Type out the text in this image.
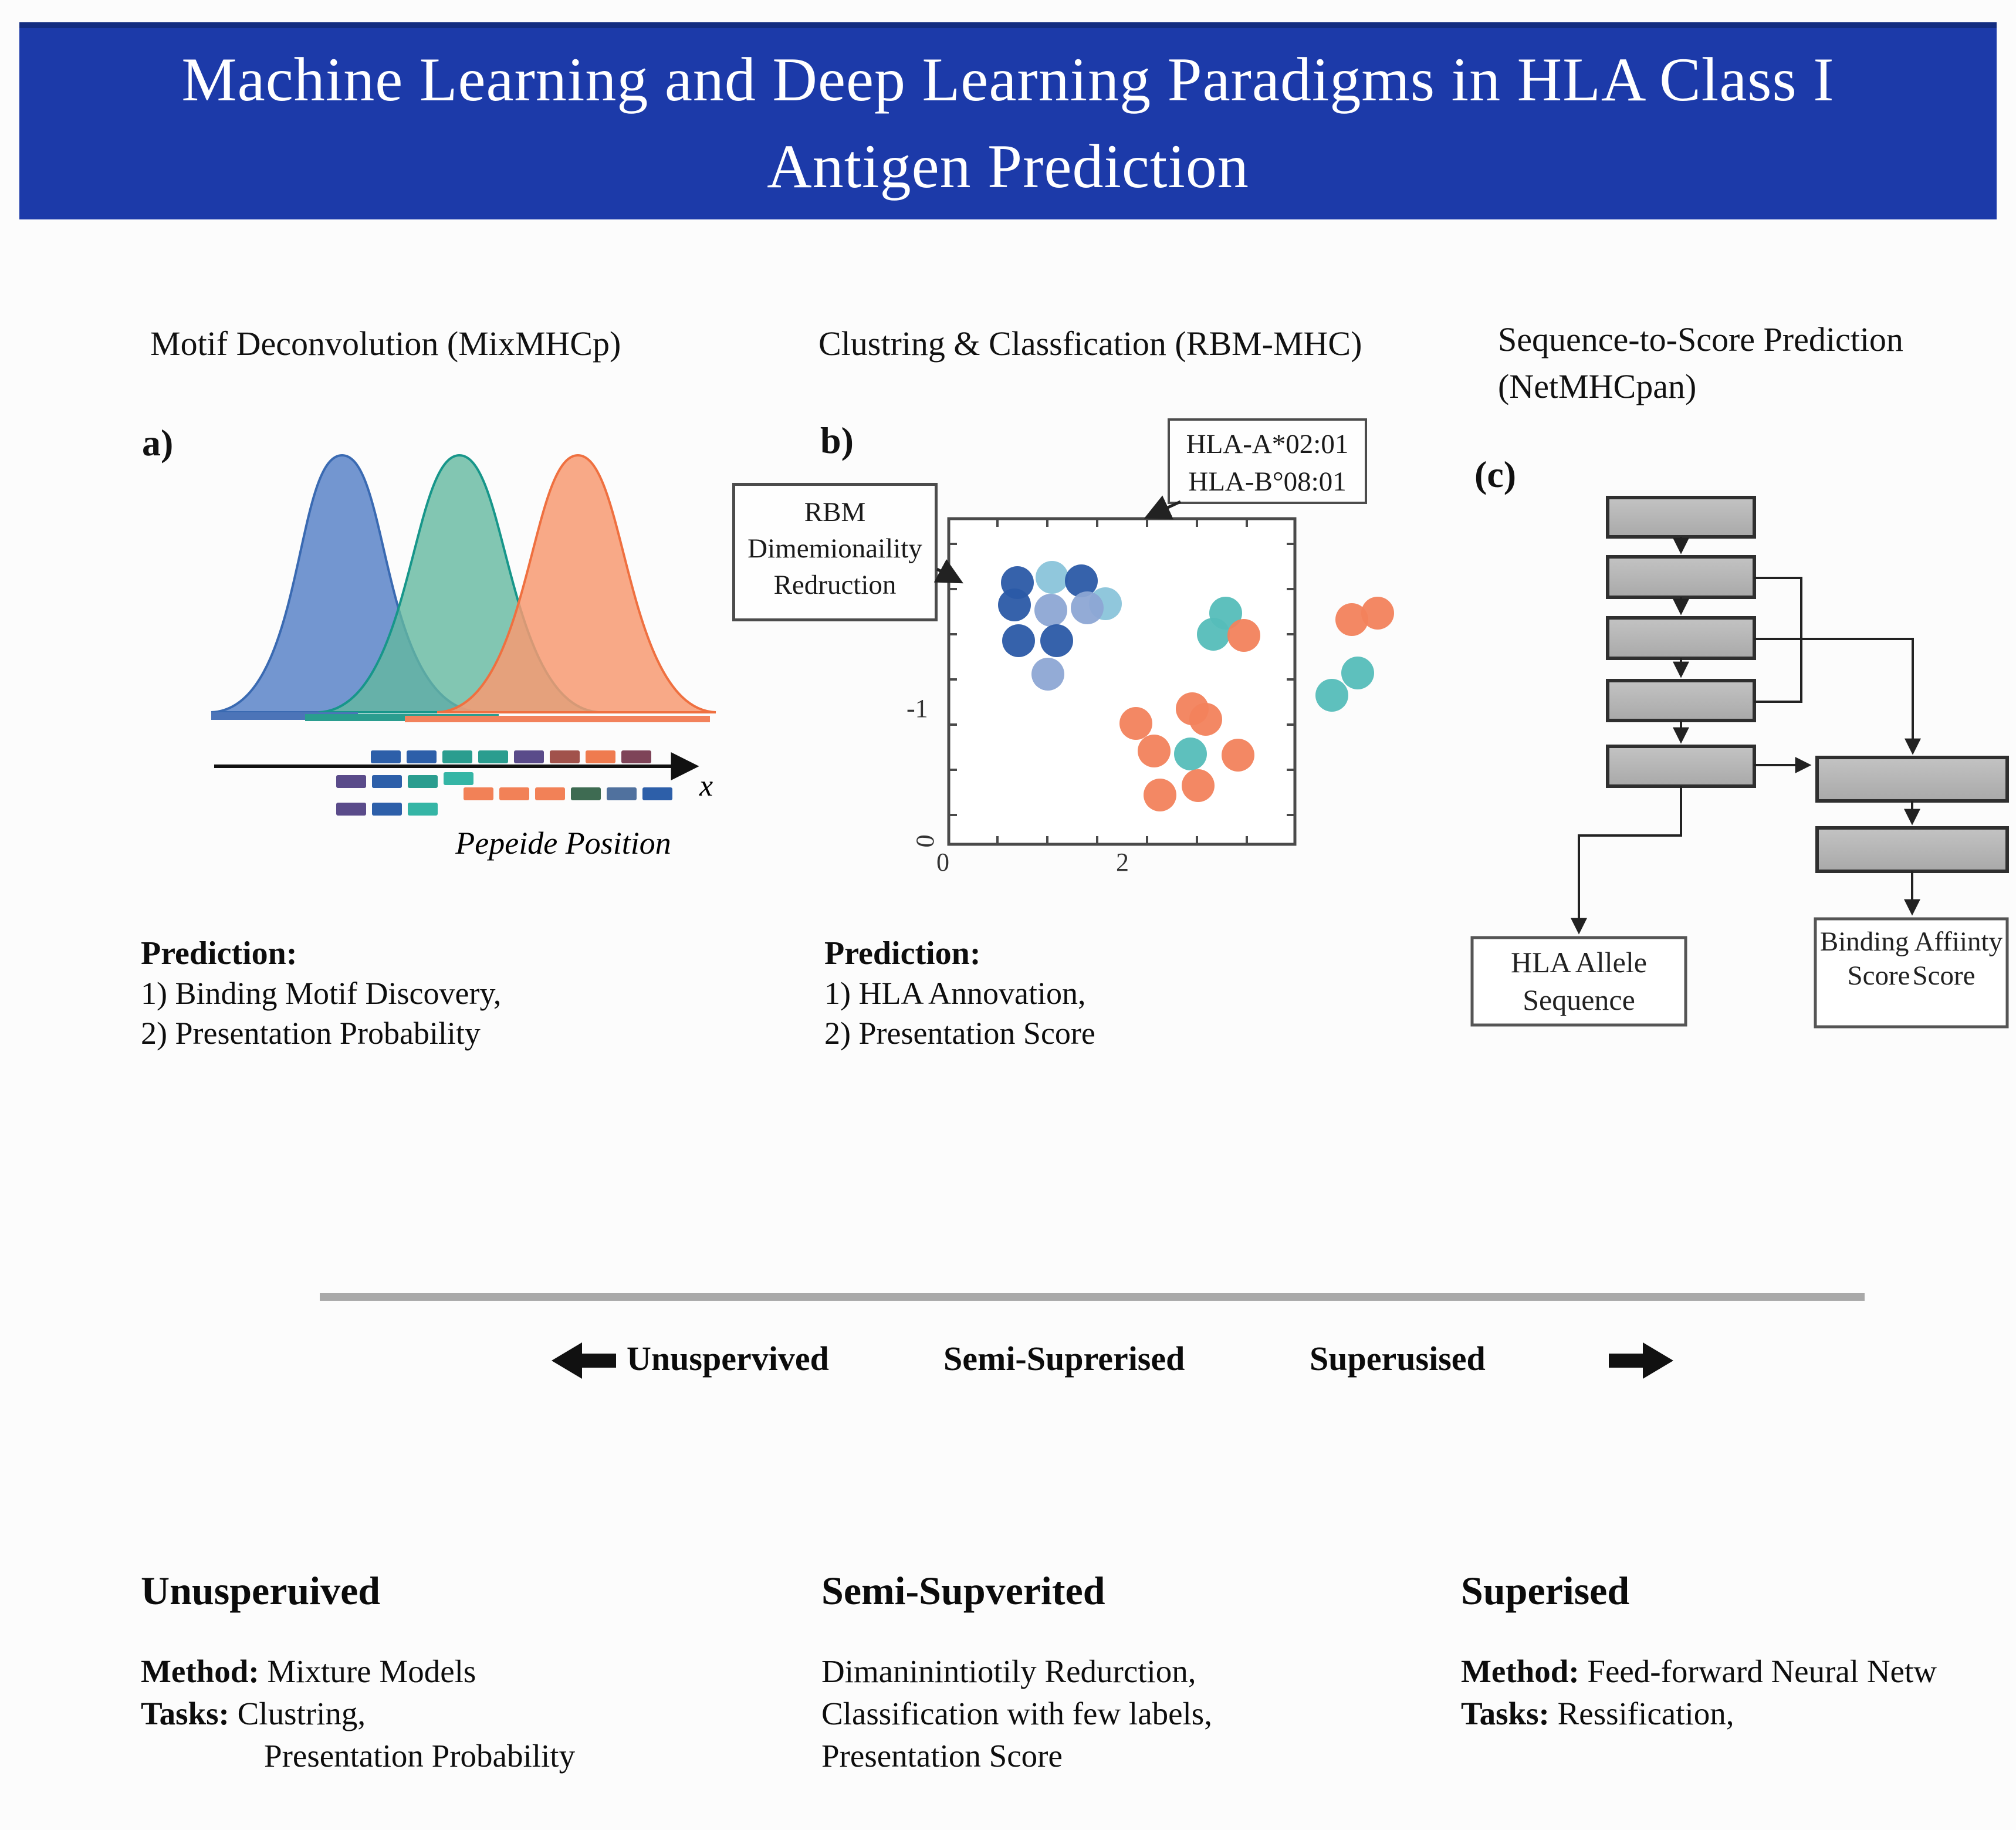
Machine Learning and Deep Learning Paradigms in HLA Class I
Antigen Prediction
Motif Deconvolution (MixMHCp)
a)
x
Pepeide Position
Prediction:
1) Binding Motif Discovery,
2) Presentation Probability
Clustring & Classfication (RBM-MHC)
b)
RBM
Dimemionaility
Redruction
HLA-A*02:01
HLA-B°08:01
-1
0
0	2
Prediction:
1) HLA Annovation,
2) Presentation Score
Sequence-to-Score Prediction
(NetMHCpan)
(c)
HLA Allele Sequence
Binding Affiinty Score Score
Unuspervived	Semi-Suprerised	Superusised
Unusperuived
Method: Mixture Models
Tasks: Clustring,
Presentation Probability
Semi-Supverited
Dimaninintiotily Redurction,
Classification with few labels,
Presentation Score
Superised
Method: Feed-forward Neural Netw
Tasks: Ressification,
